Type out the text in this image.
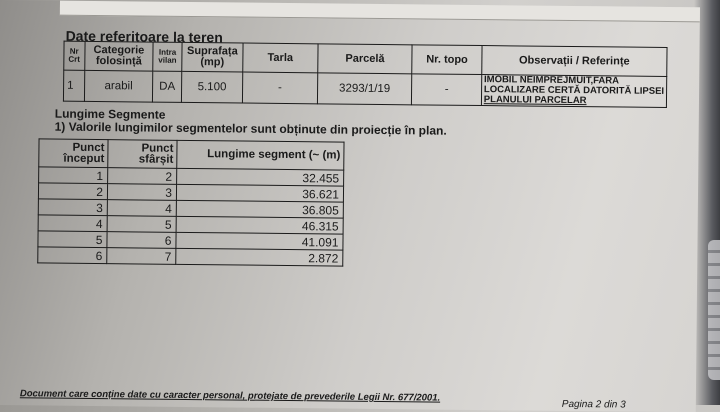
Date referitoare la teren
Nr Crt	Categorie folosință	Intra vilan	Suprafața (mp)	Tarla	Parcelă	Nr. topo	Observații / Referințe
1	arabil	DA	5.100	-	3293/1/19	-	IMOBIL NEIMPREJMUIT,FARA
LOCALIZARE CERTĂ DATORITĂ LIPSEI
PLANULUI PARCELAR
Lungime Segmente
1) Valorile lungimilor segmentelor sunt obținute din proiecție în plan.
Punct început	Punct sfârșit	Lungime segment (~ (m)
1	2	32.455
2	3	36.621
3	4	36.805
4	5	46.315
5	6	41.091
6	7	2.872
Document care conține date cu caracter personal, protejate de prevederile Legii Nr. 677/2001.
Pagina 2 din 3
